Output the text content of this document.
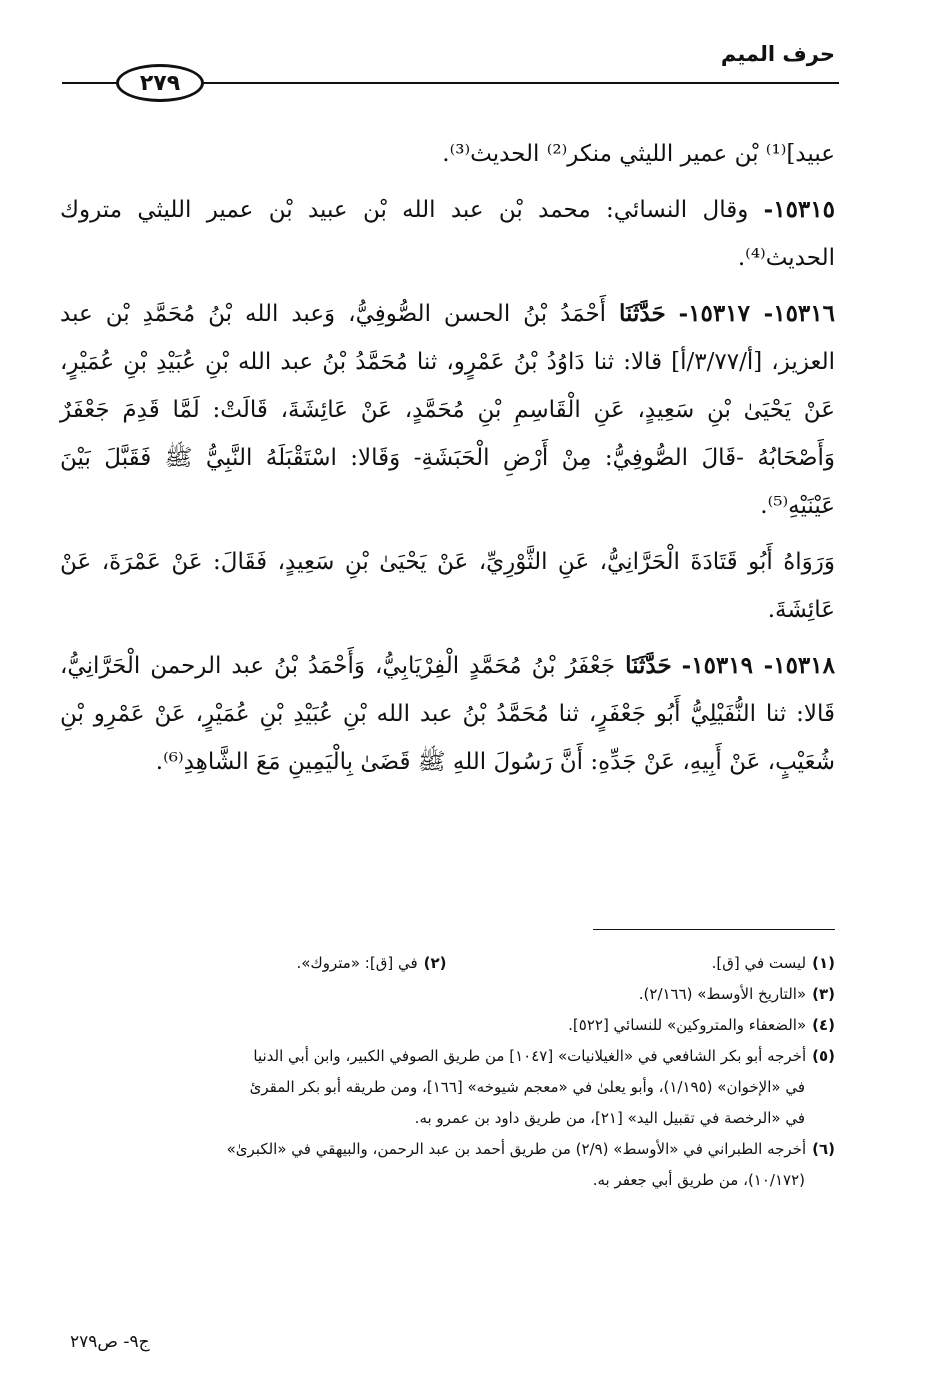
حرف الميم
٢٧٩

عبيد]⁽¹⁾ بْن عمير الليثي منكر⁽²⁾ الحديث⁽³⁾.

١٥٣١٥- وقال النسائي: محمد بْن عبد الله بْن عبيد بْن عمير الليثي متروك الحديث⁽⁴⁾.

١٥٣١٦- ١٥٣١٧- حَدَّثَنَا أَحْمَدُ بْنُ الحسن الصُّوفِيُّ، وَعبد الله بْنُ مُحَمَّدِ بْن عبد العزيز، [أ/٣/٧٧/أ] قالا: ثنا دَاوُدُ بْنُ عَمْرٍو، ثنا مُحَمَّدُ بْنُ عبد الله بْنِ عُبَيْدِ بْنِ عُمَيْرٍ، عَنْ يَحْيَىٰ بْنِ سَعِيدٍ، عَنِ الْقَاسِمِ بْنِ مُحَمَّدٍ، عَنْ عَائِشَةَ، قَالَتْ: لَمَّا قَدِمَ جَعْفَرٌ وَأَصْحَابُهُ -قَالَ الصُّوفِيُّ: مِنْ أَرْضِ الْحَبَشَةِ- وَقَالا: اسْتَقْبَلَهُ النَّبِيُّ ﷺ فَقَبَّلَ بَيْنَ عَيْنَيْهِ⁽⁵⁾.

وَرَوَاهُ أَبُو قَتَادَةَ الْحَرَّانِيُّ، عَنِ الثَّوْرِيِّ، عَنْ يَحْيَىٰ بْنِ سَعِيدٍ، فَقَالَ: عَنْ عَمْرَةَ، عَنْ عَائِشَةَ.

١٥٣١٨- ١٥٣١٩- حَدَّثَنَا جَعْفَرُ بْنُ مُحَمَّدٍ الْفِرْيَابِيُّ، وَأَحْمَدُ بْنُ عبد الرحمن الْحَرَّانِيُّ، قَالا: ثنا النُّفَيْلِيُّ أَبُو جَعْفَرٍ، ثنا مُحَمَّدُ بْنُ عبد الله بْنِ عُبَيْدِ بْنِ عُمَيْرٍ، عَنْ عَمْرِو بْنِ شُعَيْبٍ، عَنْ أَبِيهِ، عَنْ جَدِّهِ: أَنَّ رَسُولَ اللهِ ﷺ قَضَىٰ بِالْيَمِينِ مَعَ الشَّاهِدِ⁽⁶⁾.

(١)ليست في [ق].

(٢)في [ق]: «متروك».

(٣)«التاريخ الأوسط» (٢/١٦٦).

(٤)«الضعفاء والمتروكين» للنسائي [٥٢٢].

(٥)أخرجه أبو بكر الشافعي في «الغيلانيات» [١٠٤٧] من طريق الصوفي الكبير، وابن أبي الدنيا

في «الإخوان» (١/١٩٥)، وأبو يعلىٰ في «معجم شيوخه» [١٦٦]، ومن طريقه أبو بكر المقرئ

في «الرخصة في تقبيل اليد» [٢١]، من طريق داود بن عمرو به.

(٦)أخرجه الطبراني في «الأوسط» (٢/٩) من طريق أحمد بن عبد الرحمن، والبيهقي في «الكبرىٰ»

(١٠/١٧٢)، من طريق أبي جعفر به.

ج٩- ص٢٧٩
